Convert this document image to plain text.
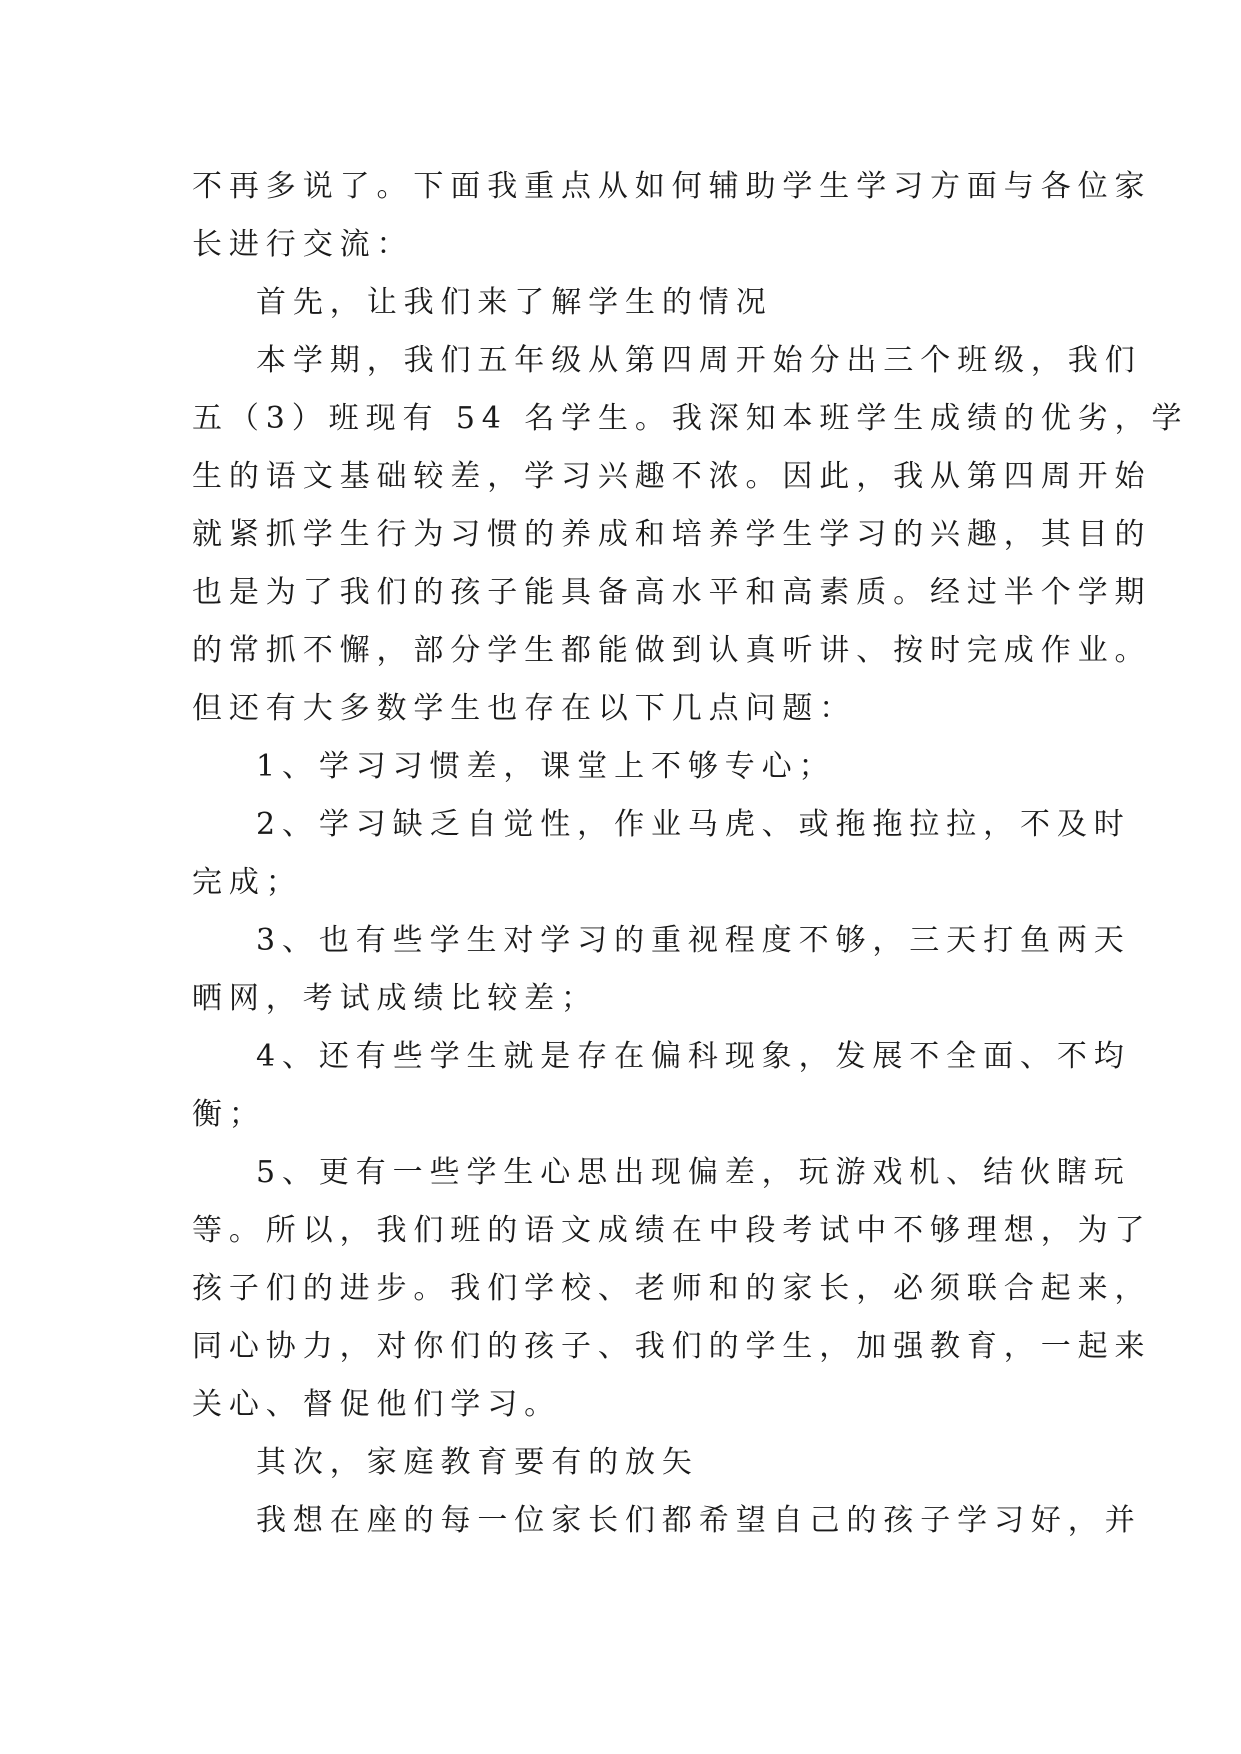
不再多说了。下面我重点从如何辅助学生学习方面与各位家
长进行交流：
首先，让我们来了解学生的情况
本学期，我们五年级从第四周开始分出三个班级，我们
五（3）班现有 54 名学生。我深知本班学生成绩的优劣，学
生的语文基础较差，学习兴趣不浓。因此，我从第四周开始
就紧抓学生行为习惯的养成和培养学生学习的兴趣，其目的
也是为了我们的孩子能具备高水平和高素质。经过半个学期
的常抓不懈，部分学生都能做到认真听讲、按时完成作业。
但还有大多数学生也存在以下几点问题：
1、学习习惯差，课堂上不够专心；
2、学习缺乏自觉性，作业马虎、或拖拖拉拉，不及时
完成；
3、也有些学生对学习的重视程度不够，三天打鱼两天
晒网，考试成绩比较差；
4、还有些学生就是存在偏科现象，发展不全面、不均
衡；
5、更有一些学生心思出现偏差，玩游戏机、结伙瞎玩
等。所以，我们班的语文成绩在中段考试中不够理想，为了
孩子们的进步。我们学校、老师和的家长，必须联合起来，
同心协力，对你们的孩子、我们的学生，加强教育，一起来
关心、督促他们学习。
其次，家庭教育要有的放矢
我想在座的每一位家长们都希望自己的孩子学习好，并
